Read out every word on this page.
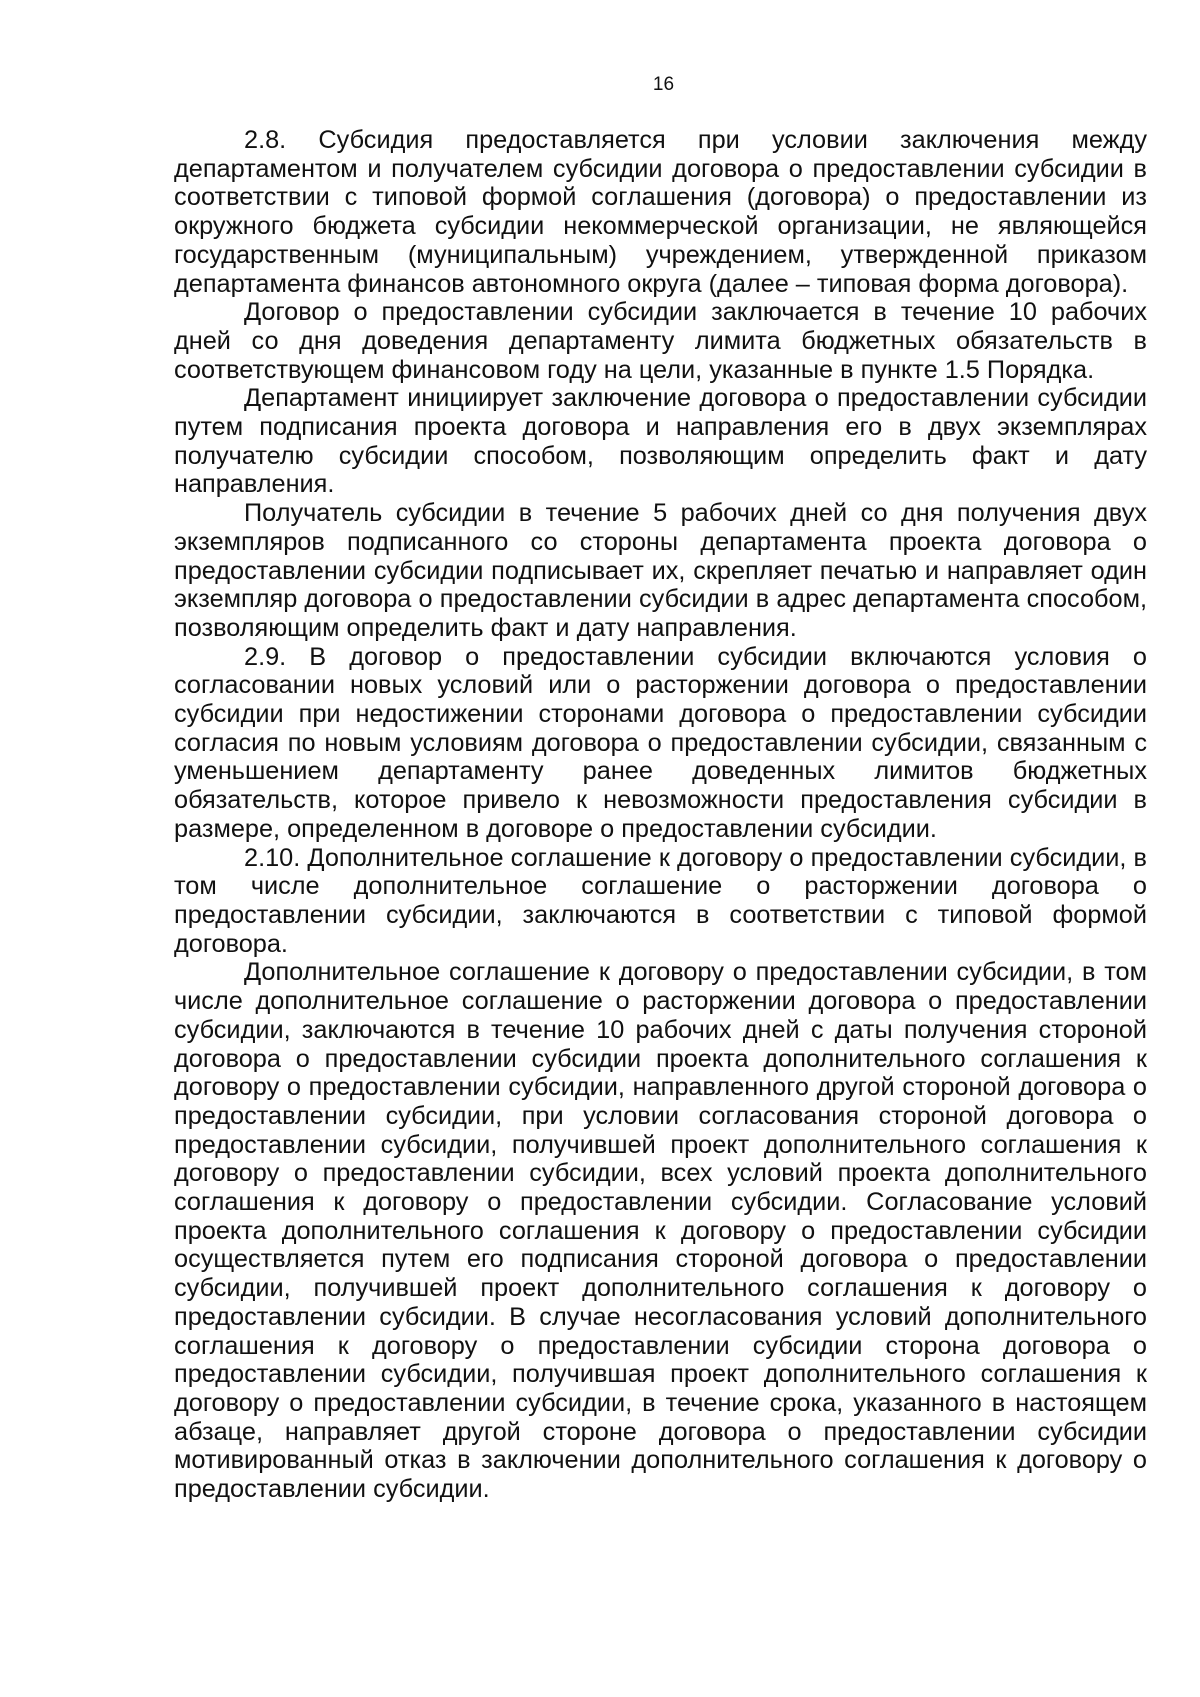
16

2.8. Субсидия предоставляется при условии заключения между департаментом и получателем субсидии договора о предоставлении субсидии в соответствии с типовой формой соглашения (договора) о предоставлении из окружного бюджета субсидии некоммерческой организации, не являющейся государственным (муниципальным) учреждением, утвержденной приказом департамента финансов автономного округа (далее – типовая форма договора).

Договор о предоставлении субсидии заключается в течение 10 рабочих дней со дня доведения департаменту лимита бюджетных обязательств в соответствующем финансовом году на цели, указанные в пункте 1.5 Порядка.

Департамент инициирует заключение договора о предоставлении субсидии путем подписания проекта договора и направления его в двух экземплярах получателю субсидии способом, позволяющим определить факт и дату направления.

Получатель субсидии в течение 5 рабочих дней со дня получения двух экземпляров подписанного со стороны департамента проекта договора о предоставлении субсидии подписывает их, скрепляет печатью и направляет один экземпляр договора о предоставлении субсидии в адрес департамента способом, позволяющим определить факт и дату направления.

2.9. В договор о предоставлении субсидии включаются условия о согласовании новых условий или о расторжении договора о предоставлении субсидии при недостижении сторонами договора о предоставлении субсидии согласия по новым условиям договора о предоставлении субсидии, связанным с уменьшением департаменту ранее доведенных лимитов бюджетных обязательств, которое привело к невозможности предоставления субсидии в размере, определенном в договоре о предоставлении субсидии.

2.10. Дополнительное соглашение к договору о предоставлении субсидии, в том числе дополнительное соглашение о расторжении договора о предоставлении субсидии, заключаются в соответствии с типовой формой договора.

Дополнительное соглашение к договору о предоставлении субсидии, в том числе дополнительное соглашение о расторжении договора о предоставлении субсидии, заключаются в течение 10 рабочих дней с даты получения стороной договора о предоставлении субсидии проекта дополнительного соглашения к договору о предоставлении субсидии, направленного другой стороной договора о предоставлении субсидии, при условии согласования стороной договора о предоставлении субсидии, получившей проект дополнительного соглашения к договору о предоставлении субсидии, всех условий проекта дополнительного соглашения к договору о предоставлении субсидии. Согласование условий проекта дополнительного соглашения к договору о предоставлении субсидии осуществляется путем его подписания стороной договора о предоставлении субсидии, получившей проект дополнительного соглашения к договору о предоставлении субсидии. В случае несогласования условий дополнительного соглашения к договору о предоставлении субсидии сторона договора о предоставлении субсидии, получившая проект дополнительного соглашения к договору о предоставлении субсидии, в течение срока, указанного в настоящем абзаце, направляет другой стороне договора о предоставлении субсидии мотивированный отказ в заключении дополнительного соглашения к договору о предоставлении субсидии.
